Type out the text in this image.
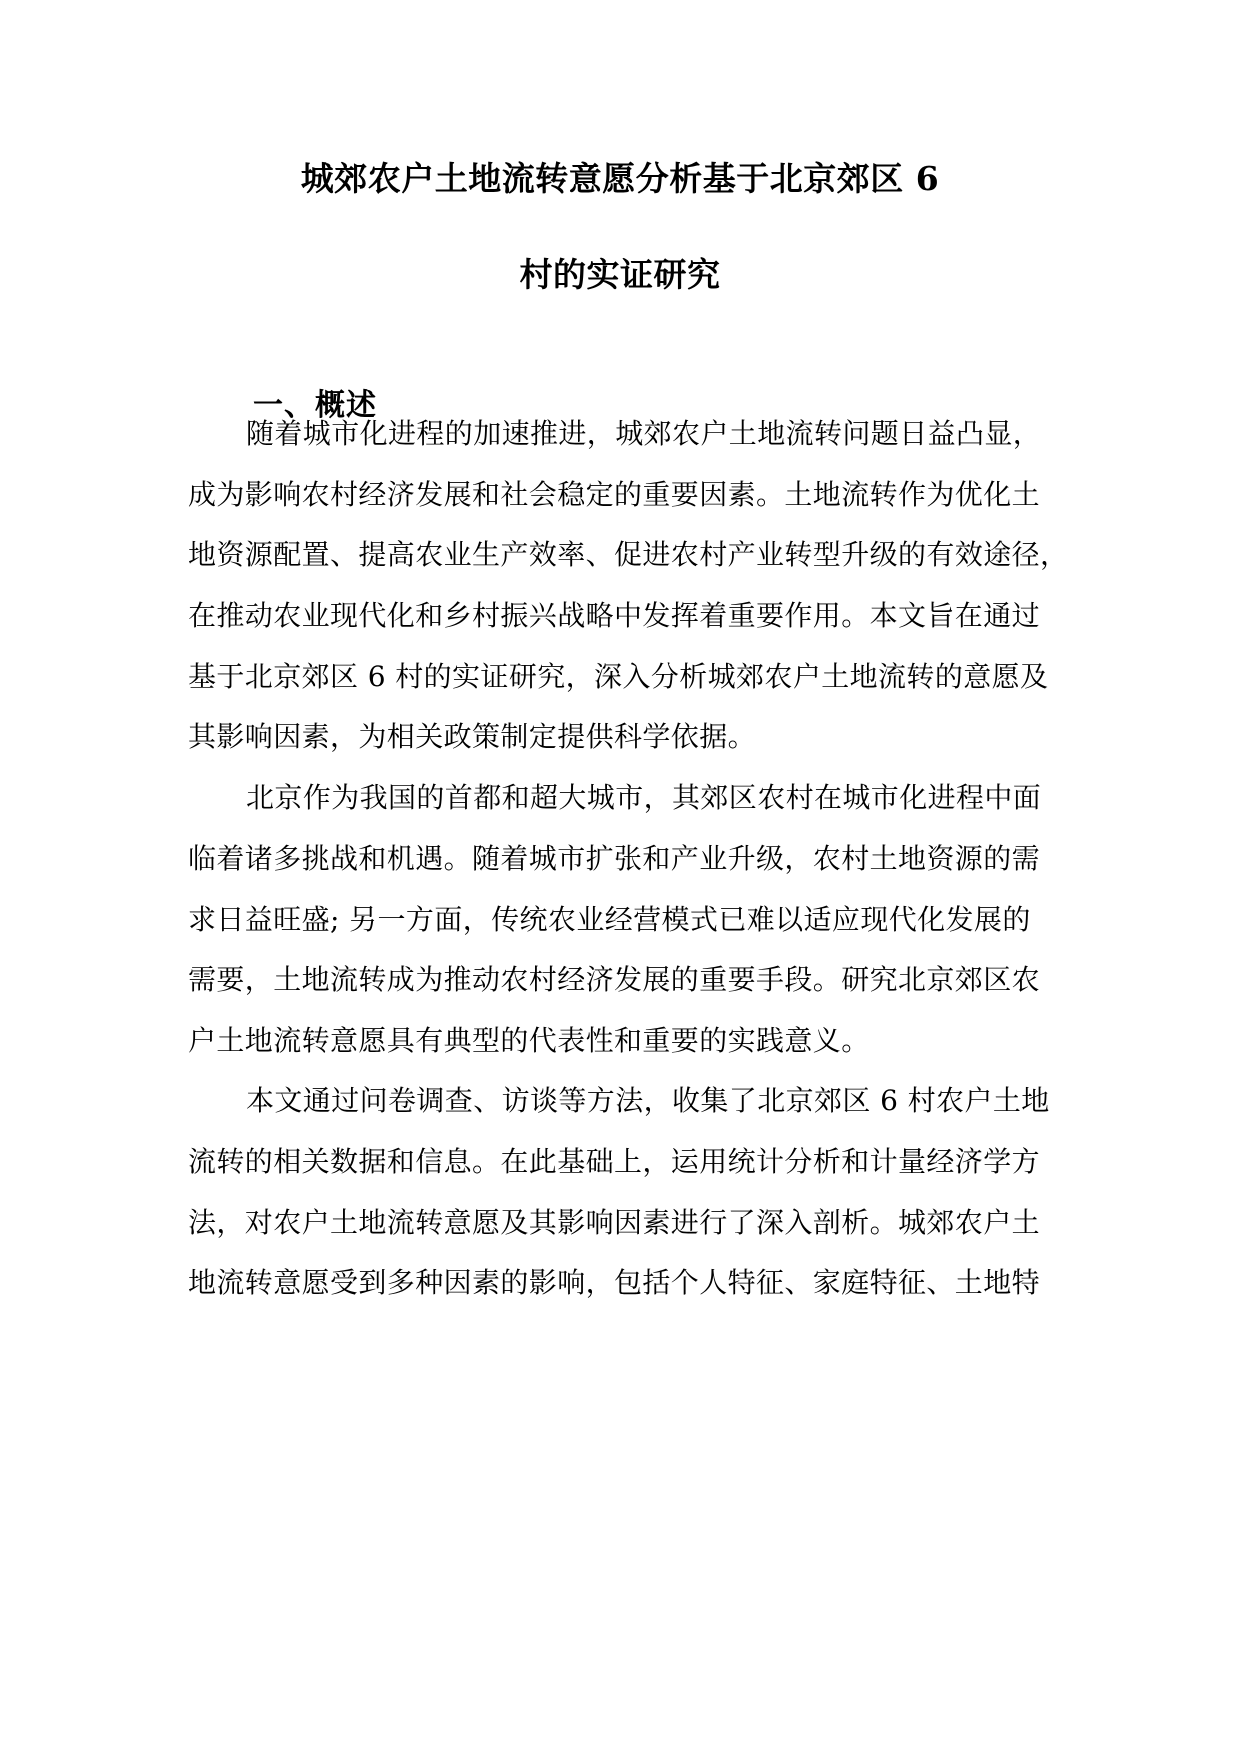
城郊农户土地流转意愿分析基于北京郊区 6
村的实证研究
一、概述

随着城市化进程的加速推进，城郊农户土地流转问题日益凸显，

成为影响农村经济发展和社会稳定的重要因素。土地流转作为优化土

地资源配置、提高农业生产效率、促进农村产业转型升级的有效途径，

在推动农业现代化和乡村振兴战略中发挥着重要作用。本文旨在通过

基于北京郊区 6 村的实证研究，深入分析城郊农户土地流转的意愿及

其影响因素，为相关政策制定提供科学依据。

北京作为我国的首都和超大城市，其郊区农村在城市化进程中面

临着诸多挑战和机遇。随着城市扩张和产业升级，农村土地资源的需

求日益旺盛; 另一方面，传统农业经营模式已难以适应现代化发展的

需要，土地流转成为推动农村经济发展的重要手段。研究北京郊区农

户土地流转意愿具有典型的代表性和重要的实践意义。

本文通过问卷调查、访谈等方法，收集了北京郊区 6 村农户土地

流转的相关数据和信息。在此基础上，运用统计分析和计量经济学方

法，对农户土地流转意愿及其影响因素进行了深入剖析。城郊农户土

地流转意愿受到多种因素的影响，包括个人特征、家庭特征、土地特
